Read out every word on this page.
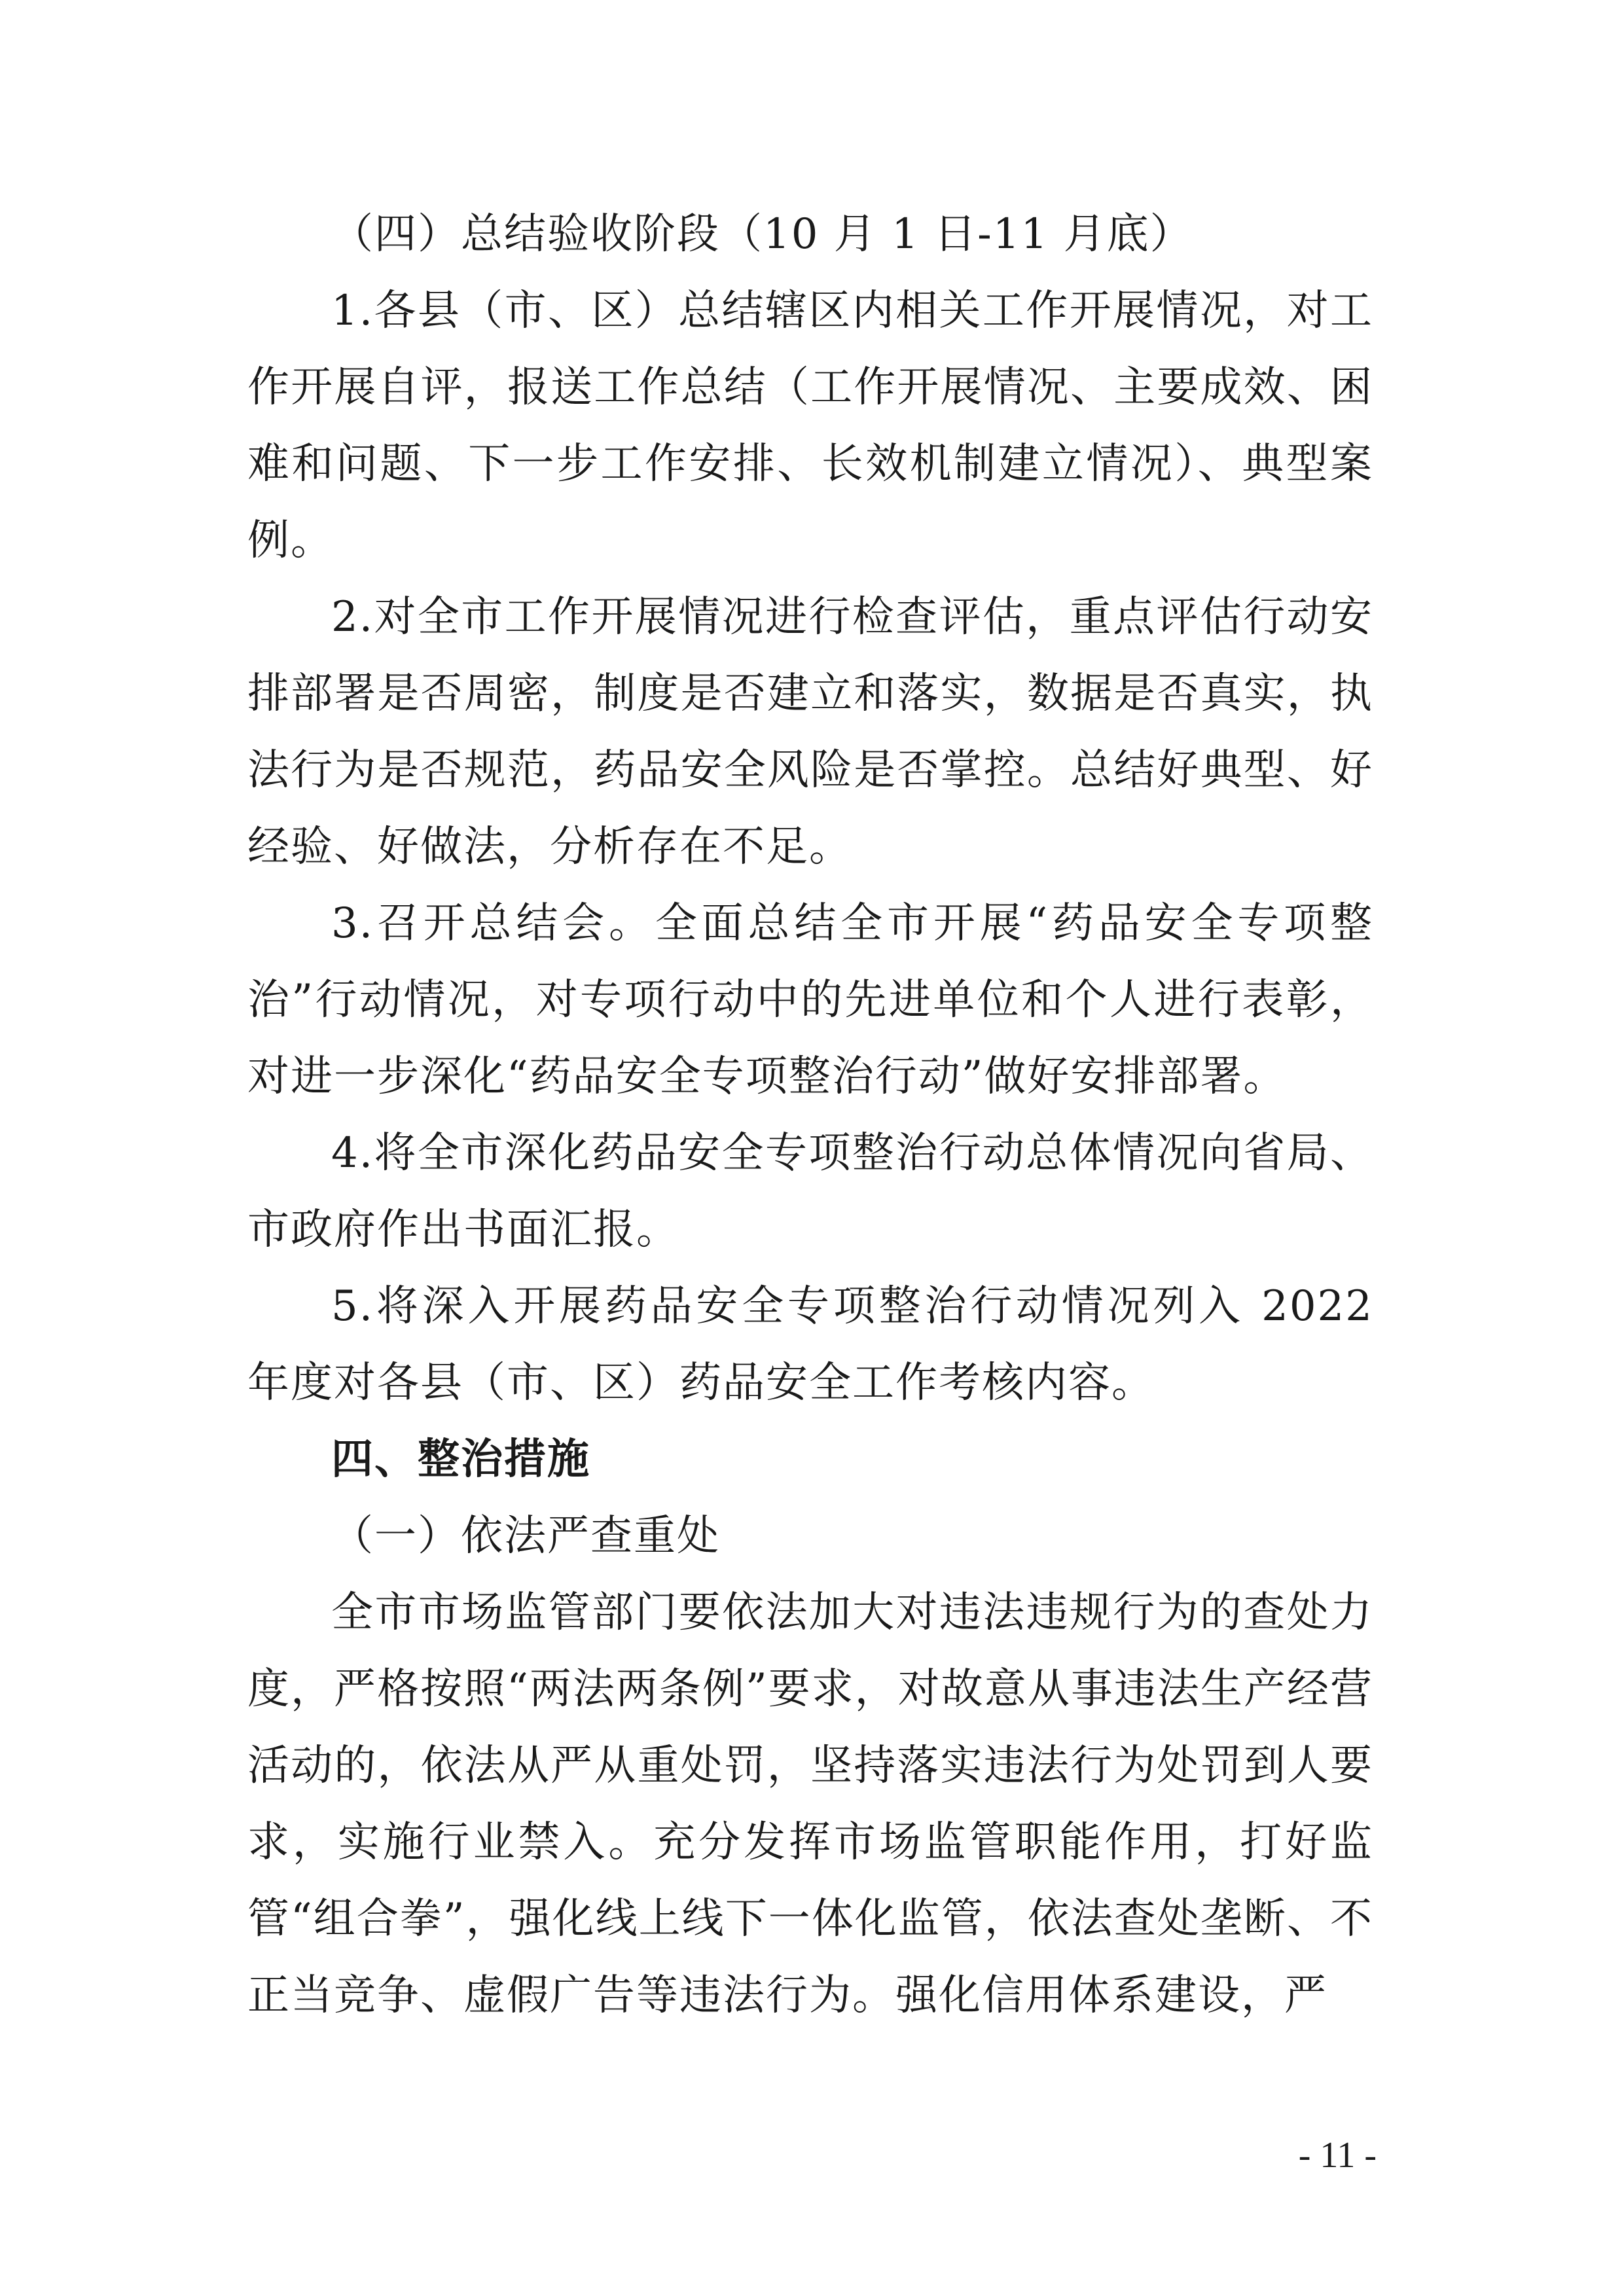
（四）总结验收阶段（10 月 1 日-11 月底）

1.各县（市、区）总结辖区内相关工作开展情况，对工作开展自评，报送工作总结（工作开展情况、主要成效、困难和问题、下一步工作安排、长效机制建立情况）、典型案例。

2.对全市工作开展情况进行检查评估，重点评估行动安排部署是否周密，制度是否建立和落实，数据是否真实，执法行为是否规范，药品安全风险是否掌控。总结好典型、好经验、好做法，分析存在不足。

3.召开总结会。全面总结全市开展“药品安全专项整治”行动情况，对专项行动中的先进单位和个人进行表彰，对进一步深化“药品安全专项整治行动”做好安排部署。

4.将全市深化药品安全专项整治行动总体情况向省局、市政府作出书面汇报。

5.将深入开展药品安全专项整治行动情况列入 2022 年度对各县（市、区）药品安全工作考核内容。

四、整治措施

（一）依法严查重处

全市市场监管部门要依法加大对违法违规行为的查处力度，严格按照“两法两条例”要求，对故意从事违法生产经营活动的，依法从严从重处罚，坚持落实违法行为处罚到人要求，实施行业禁入。充分发挥市场监管职能作用，打好监管“组合拳”，强化线上线下一体化监管，依法查处垄断、不正当竞争、虚假广告等违法行为。强化信用体系建设，严

- 11 -
